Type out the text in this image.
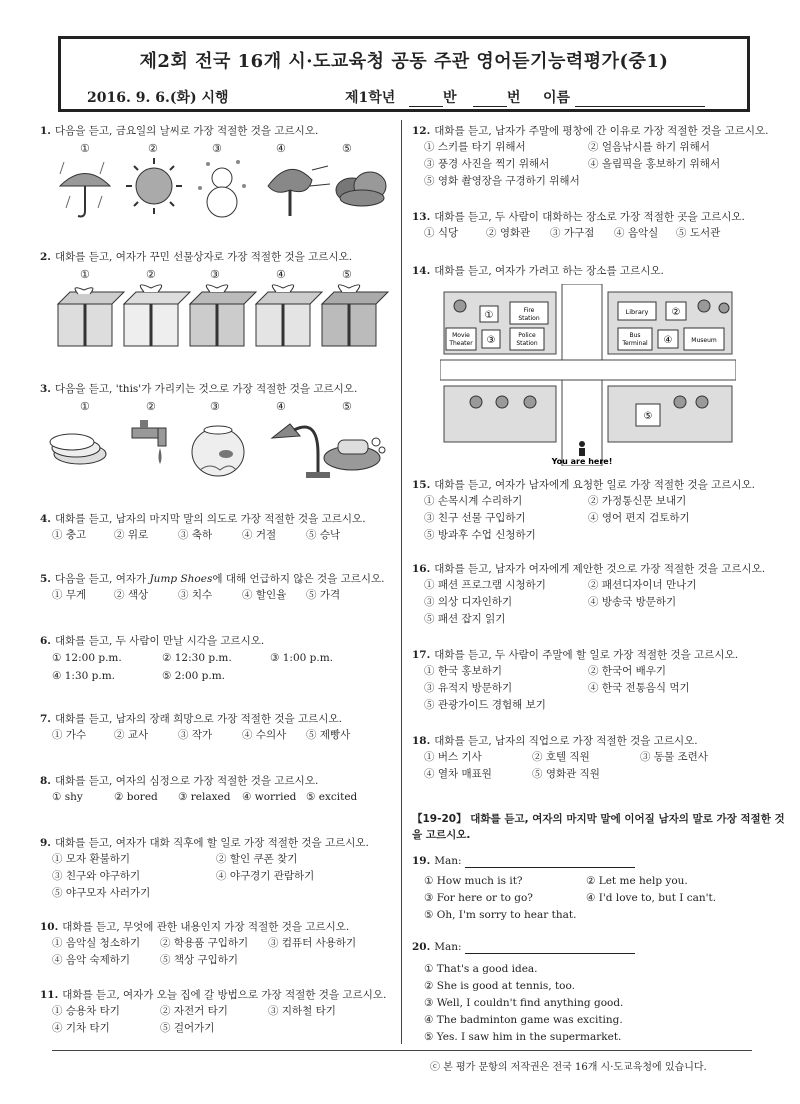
제2회 전국 16개 시·도교육청 공동 주관 영어듣기능력평가(중1)
2016. 9. 6.(화) 시행	제1학년	반	번 이름
1. 다음을 듣고, 금요일의 날씨로 가장 적절한 것을 고르시오.
①	②	③	④	⑤
2. 대화를 듣고, 여자가 꾸민 선물상자로 가장 적절한 것을 고르시오.
①	②	③	④	⑤
3. 다음을 듣고, 'this'가 가리키는 것으로 가장 적절한 것을 고르시오.
①	②	③	④	⑤
4. 대화를 듣고, 남자의 마지막 말의 의도로 가장 적절한 것을 고르시오.
① 충고	② 위로	③ 축하	④ 거절	⑤ 승낙
5. 다음을 듣고, 여자가 Jump Shoes에 대해 언급하지 않은 것을 고르시오.
① 무게	② 색상	③ 치수	④ 할인율 ⑤ 가격
6. 대화를 듣고, 두 사람이 만날 시각을 고르시오.
① 12:00 p.m.	② 12:30 p.m.	③ 1:00 p.m.
④ 1:30 p.m.	⑤ 2:00 p.m.
7. 대화를 듣고, 남자의 장래 희망으로 가장 적절한 것을 고르시오.
① 가수	② 교사	③ 작가	④ 수의사 ⑤ 제빵사
8. 대화를 듣고, 여자의 심정으로 가장 적절한 것을 고르시오.
① shy	② bored ③ relaxed ④ worried ⑤ excited
9. 대화를 듣고, 여자가 대화 직후에 할 일로 가장 적절한 것을 고르시오.
① 모자 환불하기	② 할인 쿠폰 찾기
③ 친구와 야구하기	④ 야구경기 관람하기
⑤ 야구모자 사러가기
10. 대화를 듣고, 무엇에 관한 내용인지 가장 적절한 것을 고르시오.
① 음악실 청소하기 ② 학용품 구입하기 ③ 컴퓨터 사용하기
④ 음악 숙제하기	⑤ 책상 구입하기
11. 대화를 듣고, 여자가 오늘 집에 갈 방법으로 가장 적절한 것을 고르시오.
① 승용차 타기	② 자전거 타기	③ 지하철 타기
④ 기차 타기	⑤ 걸어가기
12. 대화를 듣고, 남자가 주말에 평창에 간 이유로 가장 적절한 것을 고르시오.
① 스키를 타기 위해서	② 얼음낚시를 하기 위해서
③ 풍경 사진을 찍기 위해서	④ 올림픽을 홍보하기 위해서
⑤ 영화 촬영장을 구경하기 위해서
13. 대화를 듣고, 두 사람이 대화하는 장소로 가장 적절한 곳을 고르시오.
① 식당	② 영화관 ③ 가구점 ④ 음악실 ⑤ 도서관
14. 대화를 듣고, 여자가 가려고 하는 장소를 고르시오.
①	Fire
Station
Movie
Theater ③	Police
Station
Library ②
Bus
Terminal ④	Museum
⑤
You are here!
15. 대화를 듣고, 여자가 남자에게 요청한 일로 가장 적절한 것을 고르시오.
① 손목시계 수리하기	② 가정통신문 보내기
③ 친구 선물 구입하기	④ 영어 편지 검토하기
⑤ 방과후 수업 신청하기
16. 대화를 듣고, 남자가 여자에게 제안한 것으로 가장 적절한 것을 고르시오.
① 패션 프로그램 시청하기	② 패션디자이너 만나기
③ 의상 디자인하기	④ 방송국 방문하기
⑤ 패션 잡지 읽기
17. 대화를 듣고, 두 사람이 주말에 할 일로 가장 적절한 것을 고르시오.
① 한국 홍보하기	② 한국어 배우기
③ 유적지 방문하기	④ 한국 전통음식 먹기
⑤ 관광가이드 경험해 보기
18. 대화를 듣고, 남자의 직업으로 가장 적절한 것을 고르시오.
① 버스 기사	② 호텔 직원	③ 동물 조련사
④ 열차 매표원	⑤ 영화관 직원
【19-20】 대화를 듣고, 여자의 마지막 말에 이어질 남자의 말로 가장 적절한 것
을 고르시오.
19. Man:
① How much is it?	② Let me help you.
③ For here or to go?	④ I'd love to, but I can't.
⑤ Oh, I'm sorry to hear that.
20. Man:
① That's a good idea.
② She is good at tennis, too.
③ Well, I couldn't find anything good.
④ The badminton game was exciting.
⑤ Yes. I saw him in the supermarket.
ⓒ 본 평가 문항의 저작권은 전국 16개 시·도교육청에 있습니다.
